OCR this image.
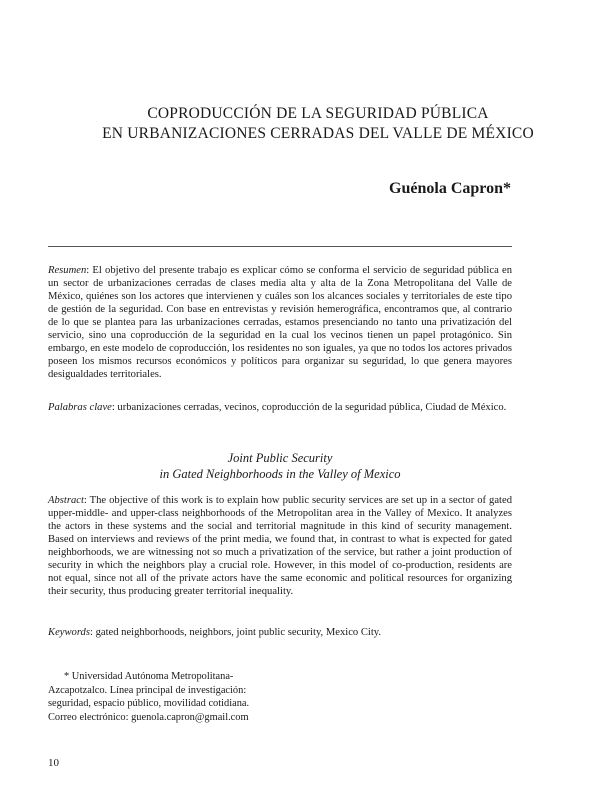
COPRODUCCIÓN DE LA SEGURIDAD PÚBLICA
EN URBANIZACIONES CERRADAS DEL VALLE DE MÉXICO
Guénola Capron*

Resumen: El objetivo del presente trabajo es explicar cómo se conforma el servicio de seguridad pública en un sector de urbanizaciones cerradas de clases media alta y alta de la Zona Metropolitana del Valle de México, quiénes son los actores que intervienen y cuáles son los alcances sociales y territoriales de este tipo de gestión de la seguridad. Con base en entrevistas y revisión hemerográfica, encontramos que, al contrario de lo que se plantea para las urbanizaciones cerradas, estamos presenciando no tanto una privatización del servicio, sino una coproducción de la seguridad en la cual los vecinos tienen un papel protagónico. Sin embargo, en este modelo de coproducción, los residentes no son iguales, ya que no todos los actores privados poseen los mismos recursos económicos y políticos para organizar su seguridad, lo que genera mayores desigualdades territoriales.

Palabras clave: urbanizaciones cerradas, vecinos, coproducción de la seguridad pública, Ciudad de México.

Joint Public Security
in Gated Neighborhoods in the Valley of Mexico

Abstract: The objective of this work is to explain how public security services are set up in a sector of gated upper-middle- and upper-class neighborhoods of the Metropolitan area in the Valley of Mexico. It analyzes the actors in these systems and the social and territorial magnitude in this kind of security management. Based on interviews and reviews of the print media, we found that, in contrast to what is expected for gated neighborhoods, we are witnessing not so much a privatization of the service, but rather a joint production of security in which the neighbors play a crucial role. However, in this model of co-production, residents are not equal, since not all of the private actors have the same economic and political resources for organizing their security, thus producing greater territorial inequality.

Keywords: gated neighborhoods, neighbors, joint public security, Mexico City.

* Universidad Autónoma Metropolitana-
Azcapotzalco. Línea principal de investigación:
seguridad, espacio público, movilidad cotidiana.
Correo electrónico: guenola.capron@gmail.com
10
